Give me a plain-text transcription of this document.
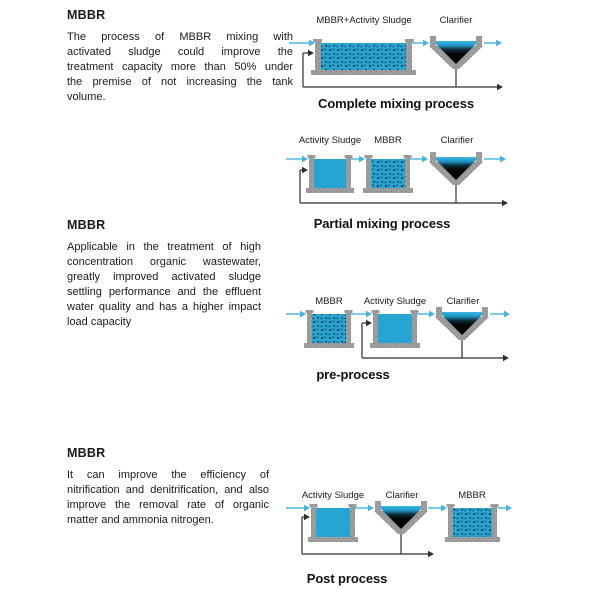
MBBR
The process of MBBR mixing with
activated sludge could improve the
treatment capacity more than 50% under
the premise of not increasing the tank
volume.
MBBR
Applicable in the treatment of high
concentration organic wastewater,
greatly improved activated sludge
settling performance and the effluent
water quality and has a higher impact
load capacity
MBBR
It can improve the efficiency of
nitrification and denitrification, and also
improve the removal rate of organic
matter and ammonia nitrogen.
MBBR+Activity Sludge	Clarifier
Activity Sludge MBBR	Clarifier
MBBR Activity Sludge Clarifier
Activity Sludge Clarifier	MBBR
Complete mixing process
Partial mixing process
pre-process
Post process
